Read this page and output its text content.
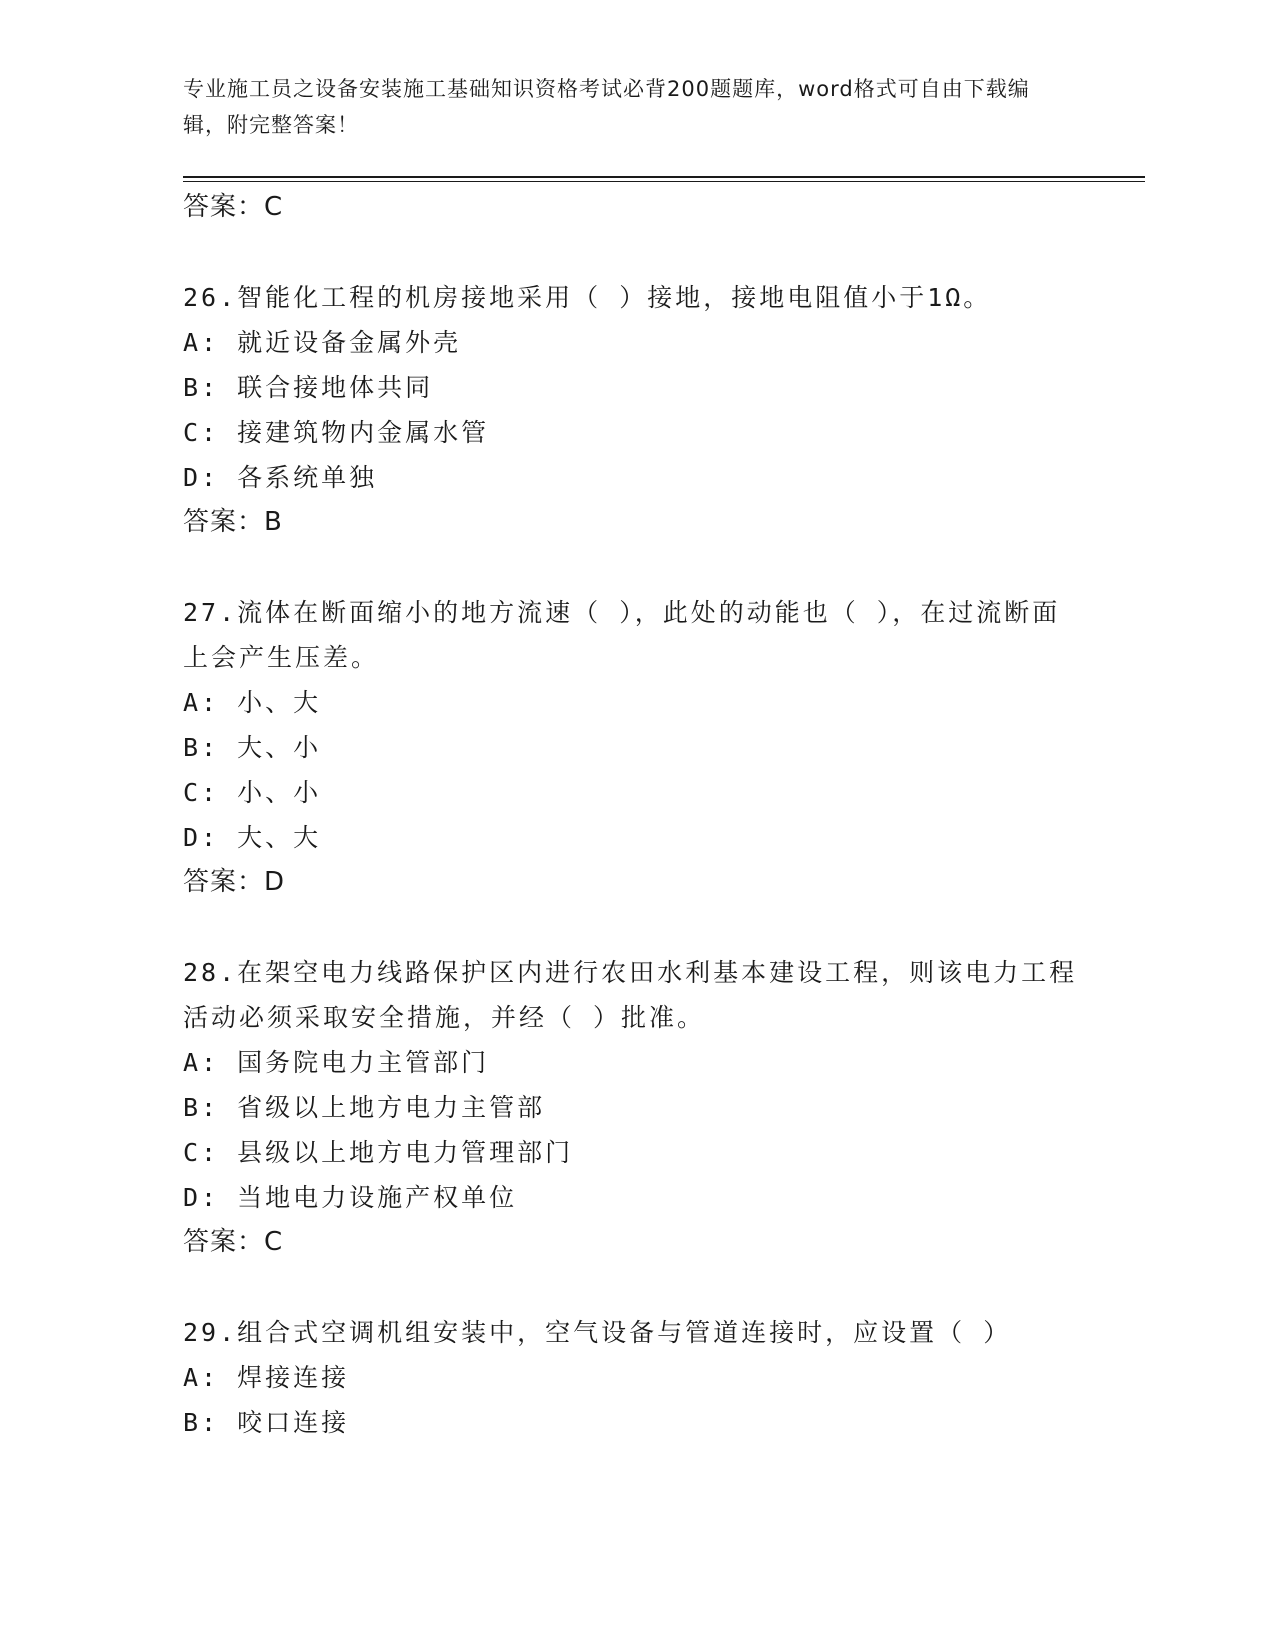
专业施工员之设备安装施工基础知识资格考试必背200题题库，word格式可自由下载编辑，附完整答案！

答案：C

26.智能化工程的机房接地采用（ ）接地，接地电阻值小于1Ω。

A: 就近设备金属外壳

B: 联合接地体共同

C: 接建筑物内金属水管

D: 各系统单独

答案：B

27.流体在断面缩小的地方流速（ ），此处的动能也（ ），在过流断面上会产生压差。

A: 小、大

B: 大、小

C: 小、小

D: 大、大

答案：D

28.在架空电力线路保护区内进行农田水利基本建设工程，则该电力工程活动必须采取安全措施，并经（ ）批准。

A: 国务院电力主管部门

B: 省级以上地方电力主管部

C: 县级以上地方电力管理部门

D: 当地电力设施产权单位

答案：C

29.组合式空调机组安装中，空气设备与管道连接时，应设置（ ）

A: 焊接连接

B: 咬口连接
